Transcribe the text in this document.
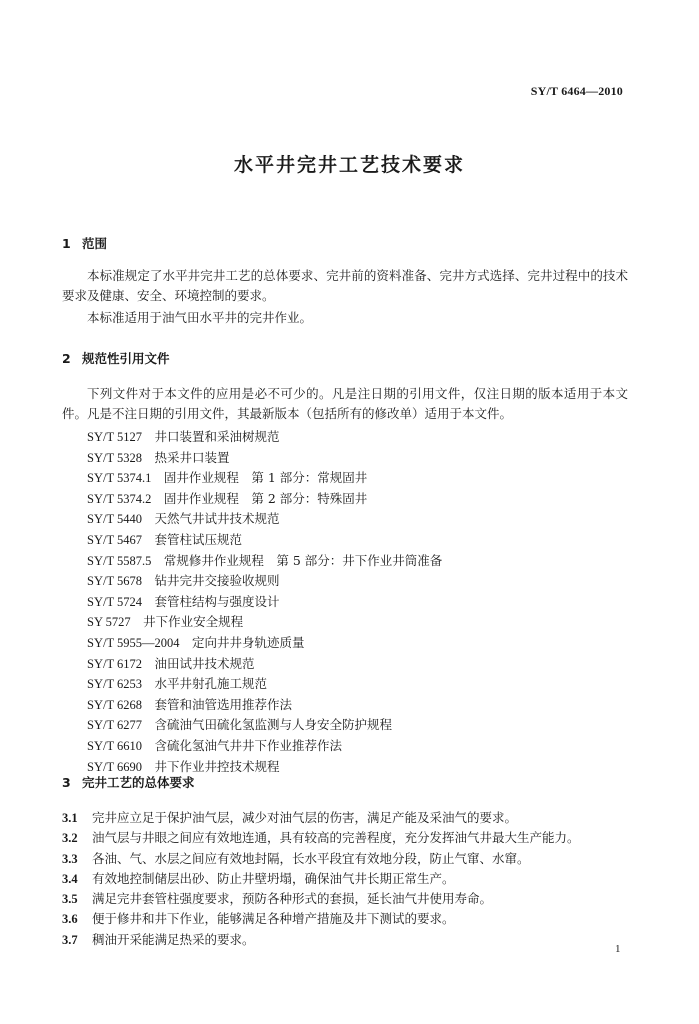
SY/T 6464—2010
水平井完井工艺技术要求
1 范围
本标准规定了水平井完井工艺的总体要求、完井前的资料准备、完井方式选择、完井过程中的技术要求及健康、安全、环境控制的要求。
本标准适用于油气田水平井的完井作业。
2 规范性引用文件
下列文件对于本文件的应用是必不可少的。凡是注日期的引用文件，仅注日期的版本适用于本文件。凡是不注日期的引用文件，其最新版本（包括所有的修改单）适用于本文件。
SY/T 5127　 井口装置和采油树规范
SY/T 5328　 热采井口装置
SY/T 5374.1　 固井作业规程　第 1 部分：常规固井
SY/T 5374.2　 固井作业规程　第 2 部分：特殊固井
SY/T 5440　 天然气井试井技术规范
SY/T 5467　 套管柱试压规范
SY/T 5587.5　 常规修井作业规程　第 5 部分：井下作业井筒准备
SY/T 5678　 钻井完井交接验收规则
SY/T 5724　 套管柱结构与强度设计
SY 5727　 井下作业安全规程
SY/T 5955—2004　 定向井井身轨迹质量
SY/T 6172　 油田试井技术规范
SY/T 6253　 水平井射孔施工规范
SY/T 6268　 套管和油管选用推荐作法
SY/T 6277　 含硫油气田硫化氢监测与人身安全防护规程
SY/T 6610　 含硫化氢油气井井下作业推荐作法
SY/T 6690　 井下作业井控技术规程
3 完井工艺的总体要求
3.1 完井应立足于保护油气层，减少对油气层的伤害，满足产能及采油气的要求。
3.2 油气层与井眼之间应有效地连通，具有较高的完善程度，充分发挥油气井最大生产能力。
3.3 各油、气、水层之间应有效地封隔，长水平段宜有效地分段，防止气窜、水窜。
3.4 有效地控制储层出砂、防止井壁坍塌，确保油气井长期正常生产。
3.5 满足完井套管柱强度要求，预防各种形式的套损，延长油气井使用寿命。
3.6 便于修井和井下作业，能够满足各种增产措施及井下测试的要求。
3.7 稠油开采能满足热采的要求。
1
